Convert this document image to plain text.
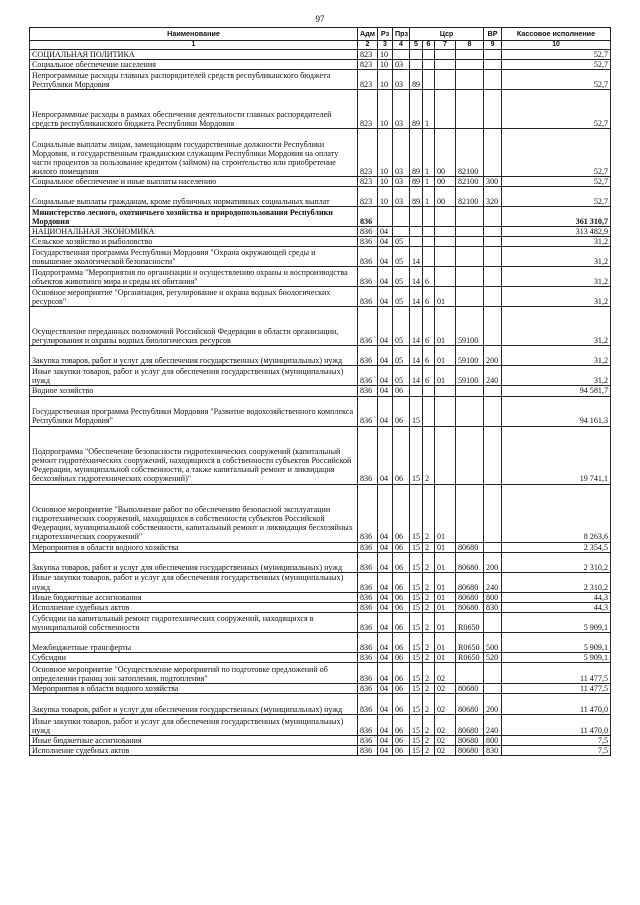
97
Наименование	Адм	Рз	Прз	Цср				ВР	Кассовое исполнение
1	2	3	4	5	6	7	8	9	10
СОЦИАЛЬНАЯ ПОЛИТИКА	823	10							52,7
Социальное обеспечение населения	823	10	03						52,7
Непрограммные расходы главных распорядителей средств республиканского бюджета Республики Мордовия	823	10	03	89					52,7
Непрограммные расходы в рамках обеспечения деятельности главных распорядителей средств республиканского бюджета Республики Мордовия	823	10	03	89	1				52,7
Социальные выплаты лицам, замещающим государственные должности Республики Мордовия, и государственным гражданским служащим Республики Мордовия на оплату части процентов за пользование кредитом (займом) на строительство или приобретение жилого помещения	823	10	03	89	1	00	82100		52,7
Социальное обеспечение и иные выплаты населению	823	10	03	89	1	00	82100	300	52,7
Социальные выплаты гражданам, кроме публичных нормативных социальных выплат	823	10	03	89	1	00	82100	320	52,7
Министерство лесного, охотничьего хозяйства и природопользования Республики Мордовия	836								361 310,7
НАЦИОНАЛЬНАЯ ЭКОНОМИКА	836	04							313 482,9
Сельское хозяйство и рыболовство	836	04	05						31,2
Государственная программа Республики Мордовия "Охрана окружающей среды и повышение экологической безопасности"	836	04	05	14					31,2
Подпрограмма "Мероприятия по организации и осуществлению охраны и воспроизводства объектов животного мира и среды их обитания"	836	04	05	14	6				31,2
Основное мероприятие "Организация, регулирование и охрана водных биологических ресурсов"	836	04	05	14	6	01			31,2
Осуществление переданных полномочий Российской Федерации в области организации, регулирования и охраны водных биологических ресурсов	836	04	05	14	6	01	59100		31,2
Закупка товаров, работ и услуг для обеспечения государственных (муниципальных) нужд	836	04	05	14	6	01	59100	200	31,2
Иные закупки товаров, работ и услуг для обеспечения государственных (муниципальных) нужд	836	04	05	14	6	01	59100	240	31,2
Водное хозяйство	836	04	06						94 581,7
Государственная программа Республики Мордовия "Развитие водохозяйственного комплекса Республики Мордовия"	836	04	06	15					94 161,3
Подпрограмма "Обеспечение безопасности гидротехнических сооружений (капитальный ремонт гидротехнических сооружений, находящихся в собственности субъектов Российской Федерации, муниципальной собственности, а также капитальный ремонт и ликвидация бесхозяйных гидротехнических сооружений)"	836	04	06	15	2				19 741,1
Основное мероприятие "Выполнение работ по обеспечению безопасной эксплуатации гидротехнических сооружений, находящихся в собственности субъектов Российской Федерации, муниципальной собственности, капитальный ремонт и ликвидация бесхозяйных гидротехнических сооружений"	836	04	06	15	2	01			8 263,6
Мероприятия в области водного хозяйства	836	04	06	15	2	01	80680		2 354,5
Закупка товаров, работ и услуг для обеспечения государственных (муниципальных) нужд	836	04	06	15	2	01	80680	200	2 310,2
Иные закупки товаров, работ и услуг для обеспечения государственных (муниципальных) нужд	836	04	06	15	2	01	80680	240	2 310,2
Иные бюджетные ассигнования	836	04	06	15	2	01	80680	800	44,3
Исполнение судебных актов	836	04	06	15	2	01	80680	830	44,3
Субсидии на капитальный ремонт гидротехнических сооружений, находящихся в муниципальной собственности	836	04	06	15	2	01	R0650		5 909,1
Межбюджетные трансферты	836	04	06	15	2	01	R0650	500	5 909,1
Субсидии	836	04	06	15	2	01	R0650	520	5 909,1
Основное мероприятие "Осуществление мероприятий по подготовке предложений об определении границ зон затопления, подтопления"	836	04	06	15	2	02			11 477,5
Мероприятия в области водного хозяйства	836	04	06	15	2	02	80680		11 477,5
Закупка товаров, работ и услуг для обеспечения государственных (муниципальных) нужд	836	04	06	15	2	02	80680	200	11 470,0
Иные закупки товаров, работ и услуг для обеспечения государственных (муниципальных) нужд	836	04	06	15	2	02	80680	240	11 470,0
Иные бюджетные ассигнования	836	04	06	15	2	02	80680	800	7,5
Исполнение судебных актов	836	04	06	15	2	02	80680	830	7,5
